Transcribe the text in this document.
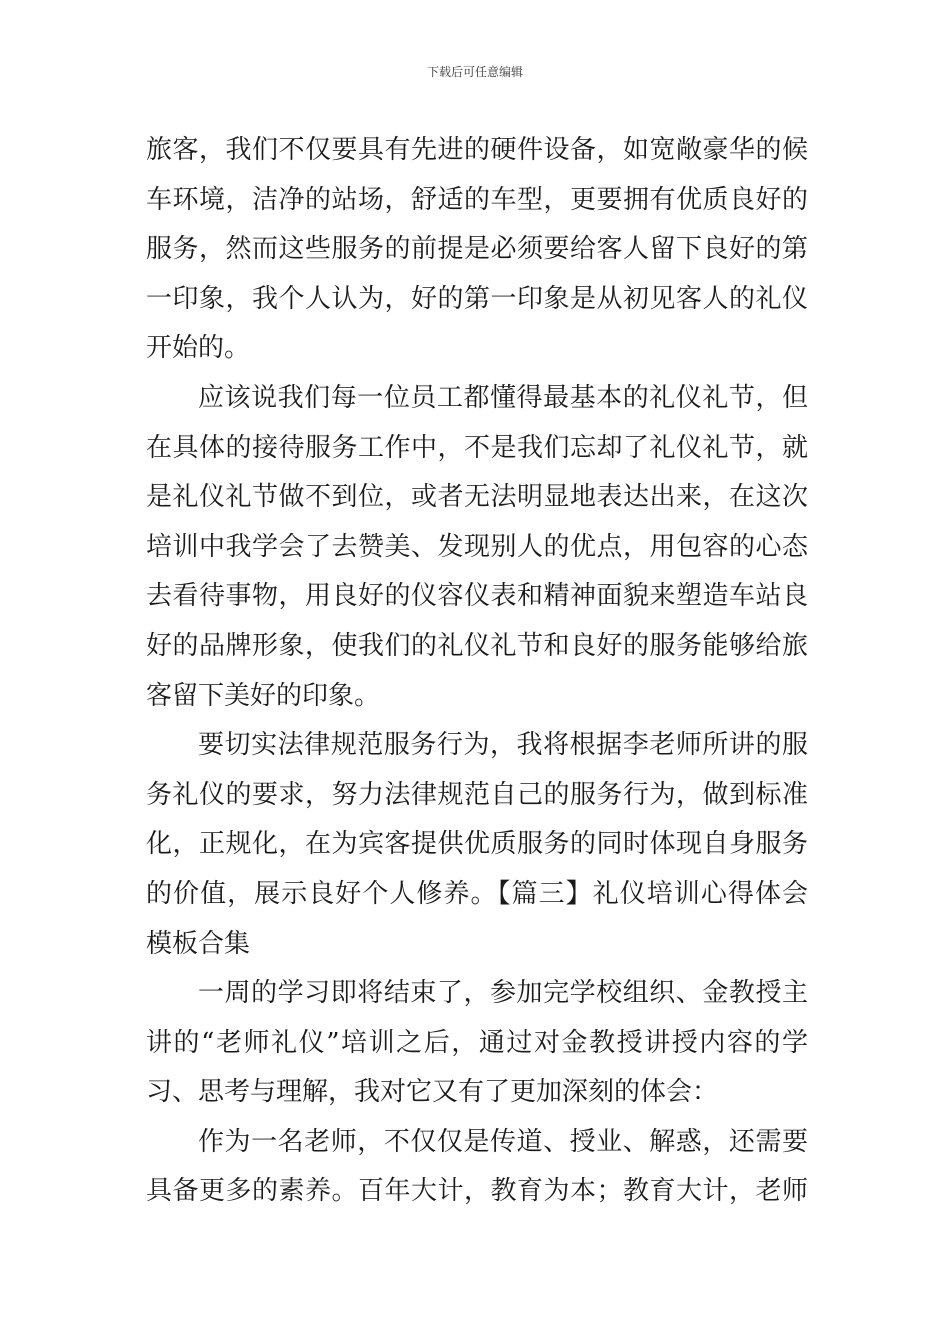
下载后可任意编辑
旅客，我们不仅要具有先进的硬件设备，如宽敞豪华的候
车环境，洁净的站场，舒适的车型，更要拥有优质良好的
服务，然而这些服务的前提是必须要给客人留下良好的第
一印象，我个人认为，好的第一印象是从初见客人的礼仪
开始的。
应该说我们每一位员工都懂得最基本的礼仪礼节，但
在具体的接待服务工作中，不是我们忘却了礼仪礼节，就
是礼仪礼节做不到位，或者无法明显地表达出来，在这次
培训中我学会了去赞美、发现别人的优点，用包容的心态
去看待事物，用良好的仪容仪表和精神面貌来塑造车站良
好的品牌形象，使我们的礼仪礼节和良好的服务能够给旅
客留下美好的印象。
要切实法律规范服务行为，我将根据李老师所讲的服
务礼仪的要求，努力法律规范自己的服务行为，做到标准
化，正规化，在为宾客提供优质服务的同时体现自身服务
的价值，展示良好个人修养。【篇三】礼仪培训心得体会
模板合集
一周的学习即将结束了，参加完学校组织、金教授主
讲的“老师礼仪”培训之后，通过对金教授讲授内容的学
习、思考与理解，我对它又有了更加深刻的体会：
作为一名老师，不仅仅是传道、授业、解惑，还需要
具备更多的素养。百年大计，教育为本；教育大计，老师
